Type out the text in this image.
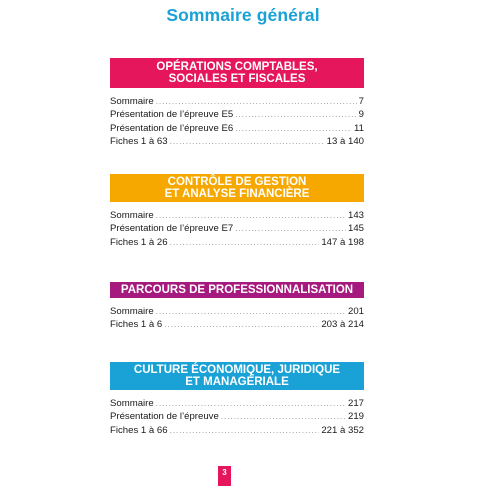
Sommaire général
OPÉRATIONS COMPTABLES,
SOCIALES ET FISCALES
Sommaire .....	7
Présentation de l’épreuve E5 .....	9
Présentation de l’épreuve E6 .....	11
Fiches 1 à 63 .....	13 à 140
CONTRÔLE DE GESTION
ET ANALYSE FINANCIÈRE
Sommaire .....	143
Présentation de l’épreuve E7 .....	145
Fiches 1 à 26 .....	147 à 198
PARCOURS DE PROFESSIONNALISATION
Sommaire .....	201
Fiches 1 à 6 .....	203 à 214
CULTURE ÉCONOMIQUE, JURIDIQUE
ET MANAGÉRIALE
Sommaire .....	217
Présentation de l’épreuve .....	219
Fiches 1 à 66 .....	221 à 352
3
